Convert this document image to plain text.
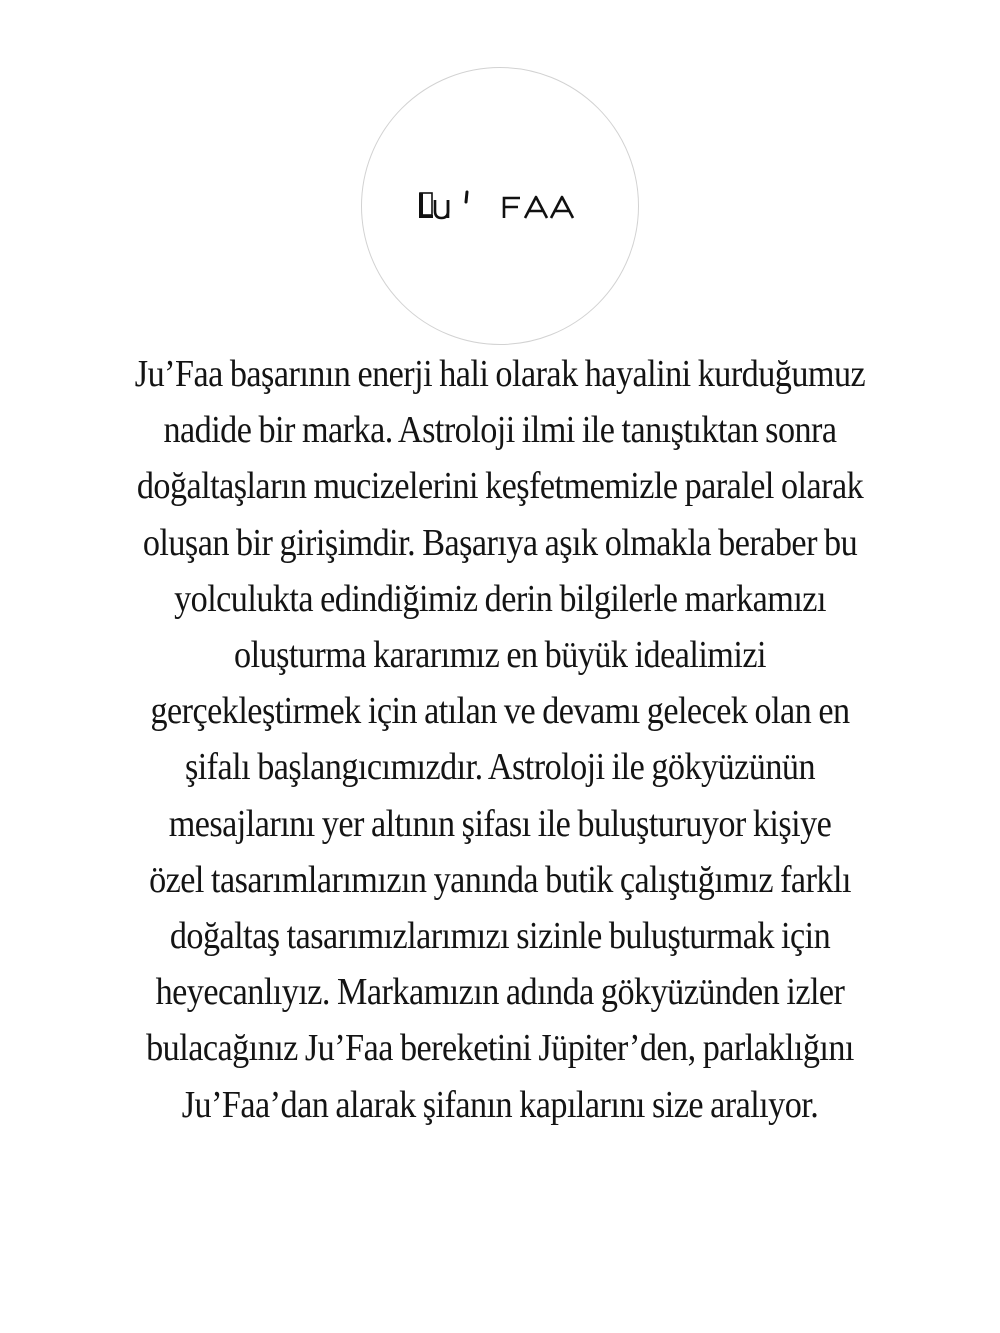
Ju’Faa başarının enerji hali olarak hayalini kurduğumuz
nadide bir marka. Astroloji ilmi ile tanıştıktan sonra
doğaltaşların mucizelerini keşfetmemizle paralel olarak
oluşan bir girişimdir. Başarıya aşık olmakla beraber bu
yolculukta edindiğimiz derin bilgilerle markamızı
oluşturma kararımız en büyük idealimizi
gerçekleştirmek için atılan ve devamı gelecek olan en
şifalı başlangıcımızdır. Astroloji ile gökyüzünün
mesajlarını yer altının şifası ile buluşturuyor kişiye
özel tasarımlarımızın yanında butik çalıştığımız farklı
doğaltaş tasarımızlarımızı sizinle buluşturmak için
heyecanlıyız. Markamızın adında gökyüzünden izler
bulacağınız Ju’Faa bereketini Jüpiter’den, parlaklığını
Ju’Faa’dan alarak şifanın kapılarını size aralıyor.
